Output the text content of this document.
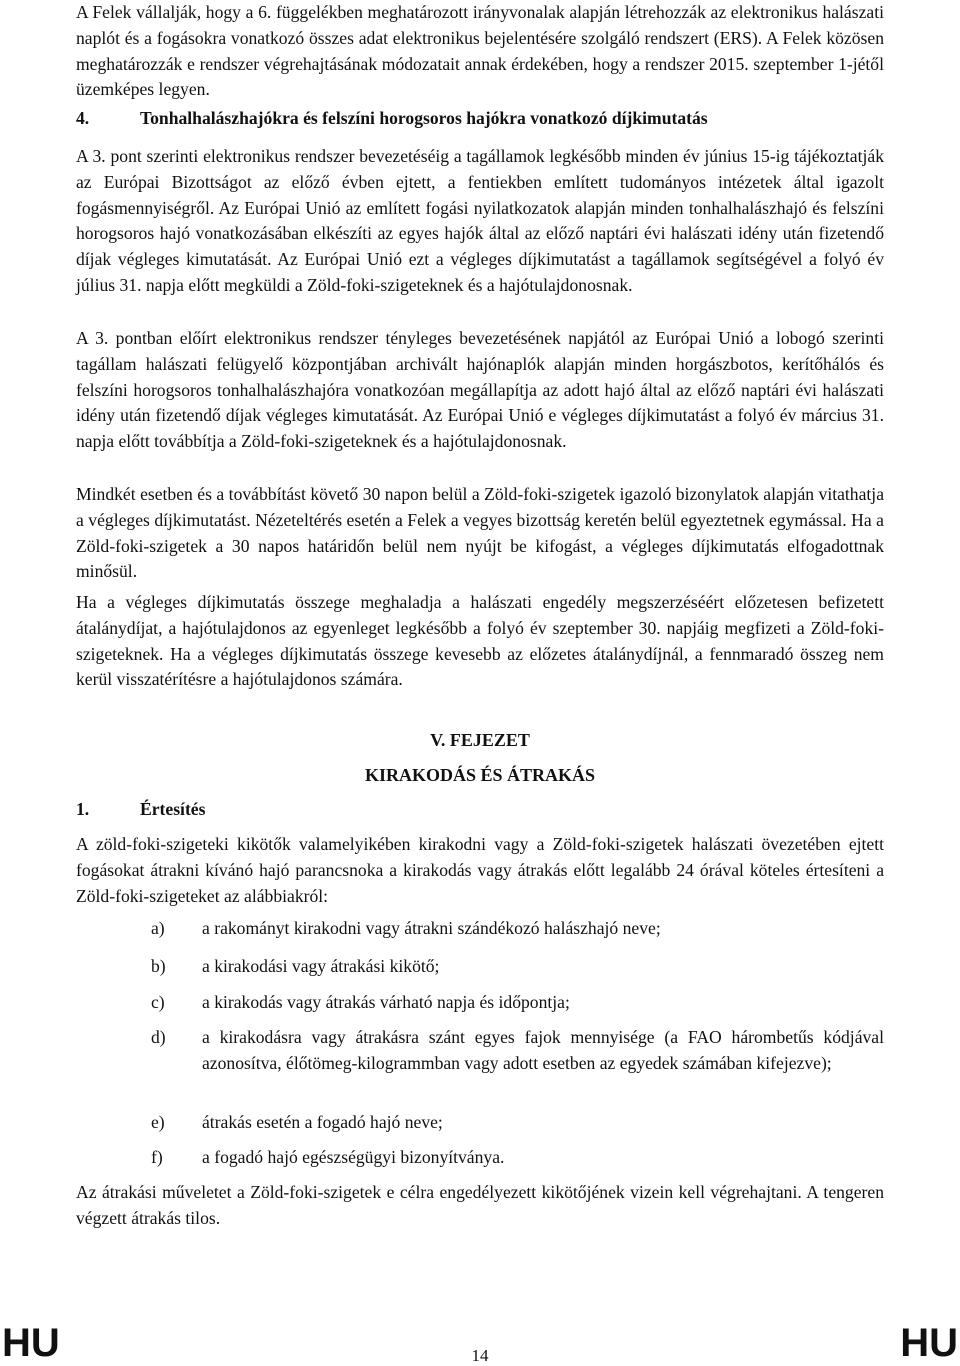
A Felek vállalják, hogy a 6. függelékben meghatározott irányvonalak alapján létrehozzák az elektronikus halászati naplót és a fogásokra vonatkozó összes adat elektronikus bejelentésére szolgáló rendszert (ERS). A Felek közösen meghatározzák e rendszer végrehajtásának módozatait annak érdekében, hogy a rendszer 2015. szeptember 1-jétől üzemképes legyen.

4.	Tonhalhalászhajókra és felszíni horogsoros hajókra vonatkozó díjkimutatás

A 3. pont szerinti elektronikus rendszer bevezetéséig a tagállamok legkésőbb minden év június 15-ig tájékoztatják az Európai Bizottságot az előző évben ejtett, a fentiekben említett tudományos intézetek által igazolt fogásmennyiségről. Az Európai Unió az említett fogási nyilatkozatok alapján minden tonhalhalászhajó és felszíni horogsoros hajó vonatkozásában elkészíti az egyes hajók által az előző naptári évi halászati idény után fizetendő díjak végleges kimutatását. Az Európai Unió ezt a végleges díjkimutatást a tagállamok segítségével a folyó év július 31. napja előtt megküldi a Zöld-foki-szigeteknek és a hajótulajdonosnak.

A 3. pontban előírt elektronikus rendszer tényleges bevezetésének napjától az Európai Unió a lobogó szerinti tagállam halászati felügyelő központjában archivált hajónaplók alapján minden horgászbotos, kerítőhálós és felszíni horogsoros tonhalhalászhajóra vonatkozóan megállapítja az adott hajó által az előző naptári évi halászati idény után fizetendő díjak végleges kimutatását. Az Európai Unió e végleges díjkimutatást a folyó év március 31. napja előtt továbbítja a Zöld-foki-szigeteknek és a hajótulajdonosnak.

Mindkét esetben és a továbbítást követő 30 napon belül a Zöld-foki-szigetek igazoló bizonylatok alapján vitathatja a végleges díjkimutatást. Nézeteltérés esetén a Felek a vegyes bizottság keretén belül egyeztetnek egymással. Ha a Zöld-foki-szigetek a 30 napos határidőn belül nem nyújt be kifogást, a végleges díjkimutatás elfogadottnak minősül.

Ha a végleges díjkimutatás összege meghaladja a halászati engedély megszerzéséért előzetesen befizetett átalánydíjat, a hajótulajdonos az egyenleget legkésőbb a folyó év szeptember 30. napjáig megfizeti a Zöld-foki-szigeteknek. Ha a végleges díjkimutatás összege kevesebb az előzetes átalánydíjnál, a fennmaradó összeg nem kerül visszatérítésre a hajótulajdonos számára.

V. FEJEZET

KIRAKODÁS ÉS ÁTRAKÁS

1.	Értesítés

A zöld-foki-szigeteki kikötők valamelyikében kirakodni vagy a Zöld-foki-szigetek halászati övezetében ejtett fogásokat átrakni kívánó hajó parancsnoka a kirakodás vagy átrakás előtt legalább 24 órával köteles értesíteni a Zöld-foki-szigeteket az alábbiakról:

a) a rakományt kirakodni vagy átrakni szándékozó halászhajó neve;
b) a kirakodási vagy átrakási kikötő;
c) a kirakodás vagy átrakás várható napja és időpontja;
d) a kirakodásra vagy átrakásra szánt egyes fajok mennyisége (a FAO hárombetűs kódjával azonosítva, élőtömeg-kilogrammban vagy adott esetben az egyedek számában kifejezve);
e) átrakás esetén a fogadó hajó neve;
f) a fogadó hajó egészségügyi bizonyítványa.

Az átrakási műveletet a Zöld-foki-szigetek e célra engedélyezett kikötőjének vizein kell végrehajtani. A tengeren végzett átrakás tilos.

HU	14	HU
